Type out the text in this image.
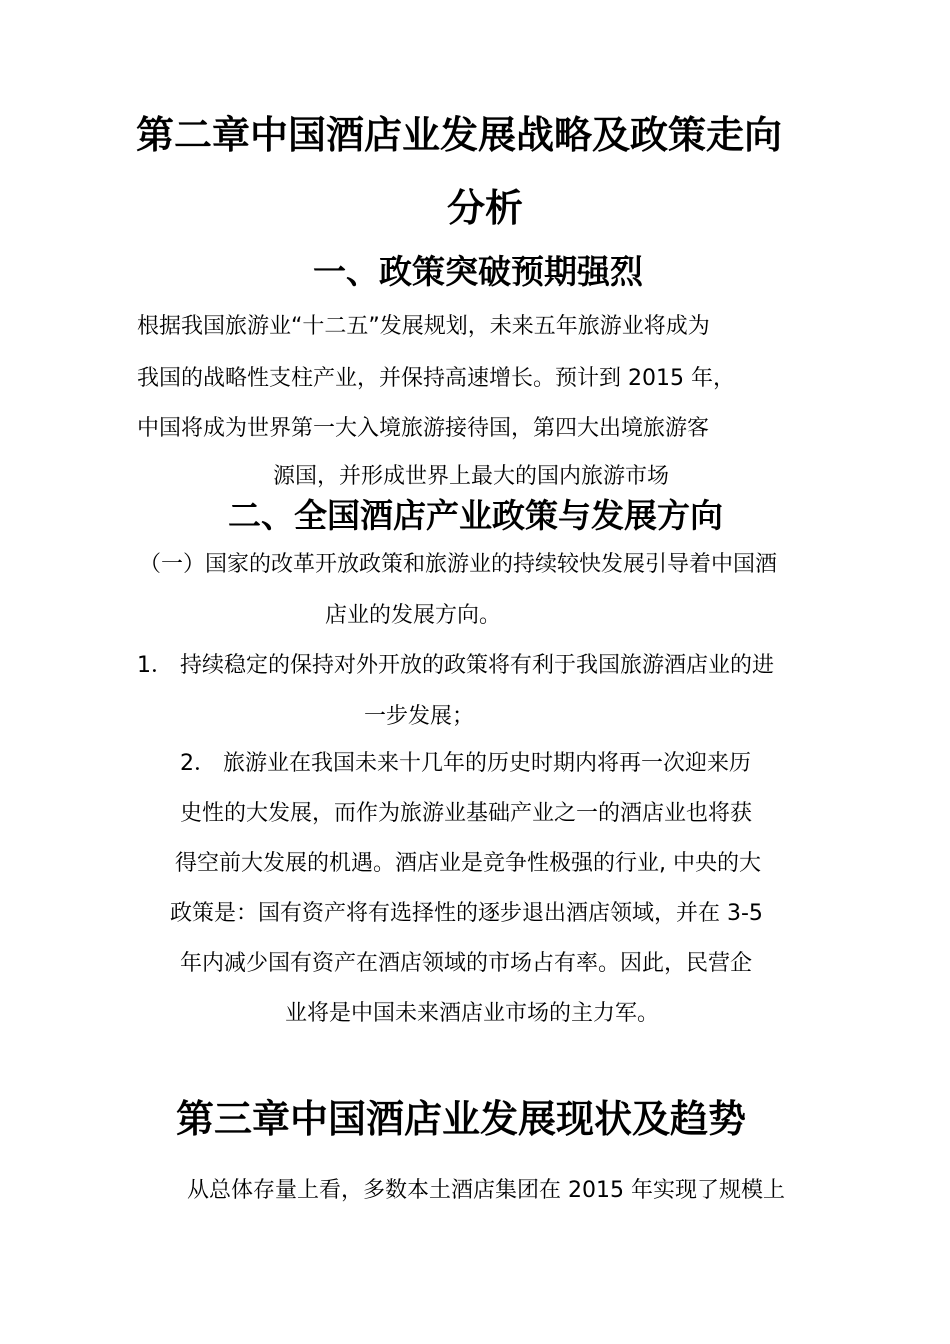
第二章中国酒店业发展战略及政策走向
分析
一、政策突破预期强烈
根据我国旅游业“十二五”发展规划，未来五年旅游业将成为
我国的战略性支柱产业，并保持高速增长。预计到 2015 年，
中国将成为世界第一大入境旅游接待国，第四大出境旅游客
源国，并形成世界上最大的国内旅游市场
二、全国酒店产业政策与发展方向
（一）国家的改革开放政策和旅游业的持续较快发展引导着中国酒
店业的发展方向。
1． 持续稳定的保持对外开放的政策将有利于我国旅游酒店业的进
一步发展；
2． 旅游业在我国未来十几年的历史时期内将再一次迎来历
史性的大发展，而作为旅游业基础产业之一的酒店业也将获
得空前大发展的机遇。酒店业是竞争性极强的行业, 中央的大
政策是：国有资产将有选择性的逐步退出酒店领域，并在 3-5
年内减少国有资产在酒店领域的市场占有率。因此，民营企
业将是中国未来酒店业市场的主力军。
第三章中国酒店业发展现状及趋势
从总体存量上看，多数本土酒店集团在 2015 年实现了规模上
